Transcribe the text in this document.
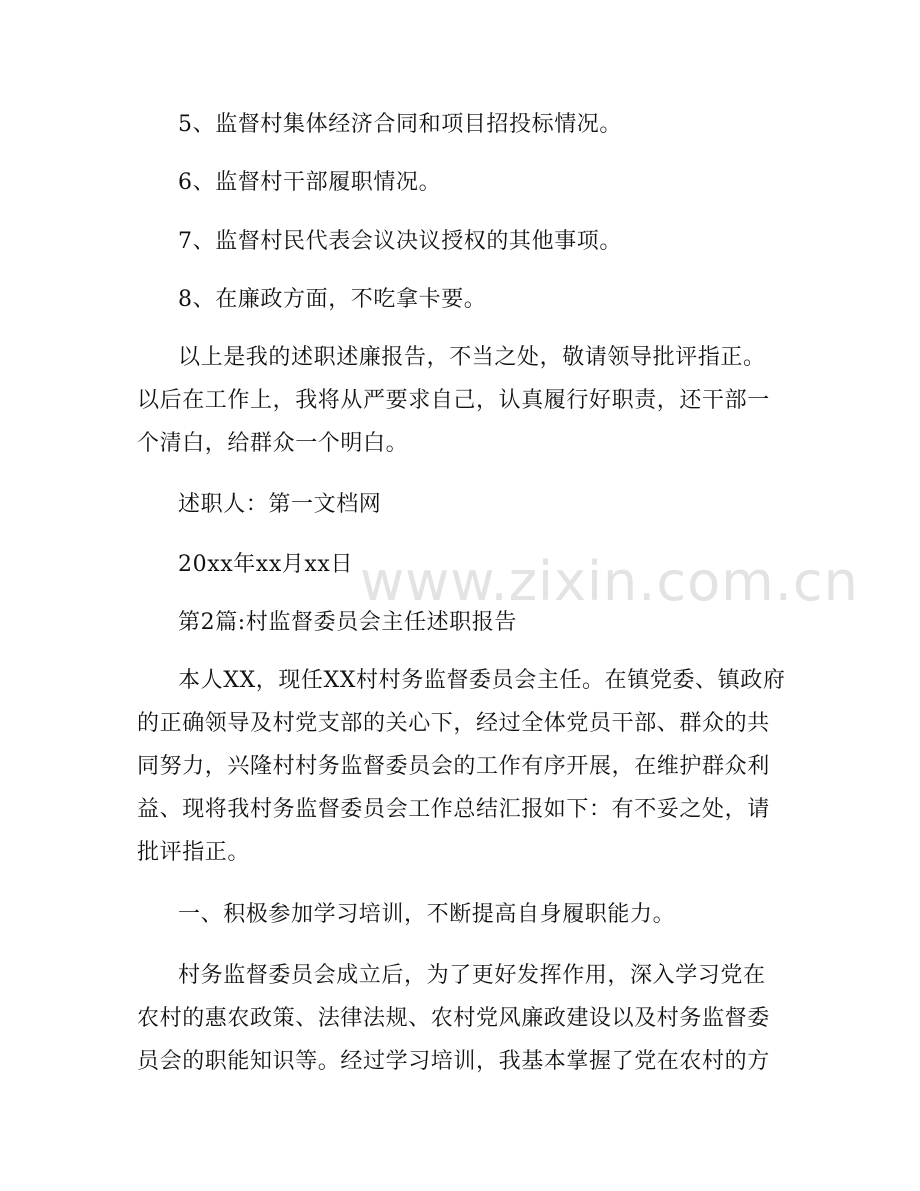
5、监督村集体经济合同和项目招投标情况。
6、监督村干部履职情况。
7、监督村民代表会议决议授权的其他事项。
8、在廉政方面，不吃拿卡要。
以上是我的述职述廉报告，不当之处，敬请领导批评指正。
以后在工作上，我将从严要求自己，认真履行好职责，还干部一
个清白，给群众一个明白。
述职人：第一文档网
20xx年xx月xx日
第2篇:村监督委员会主任述职报告
本人XX，现任XX村村务监督委员会主任。在镇党委、镇政府
的正确领导及村党支部的关心下，经过全体党员干部、群众的共
同努力，兴隆村村务监督委员会的工作有序开展，在维护群众利
益、现将我村务监督委员会工作总结汇报如下：有不妥之处，请
批评指正。
一、积极参加学习培训，不断提高自身履职能力。
村务监督委员会成立后，为了更好发挥作用，深入学习党在
农村的惠农政策、法律法规、农村党风廉政建设以及村务监督委
员会的职能知识等。经过学习培训，我基本掌握了党在农村的方
www.zixin.com.cn
